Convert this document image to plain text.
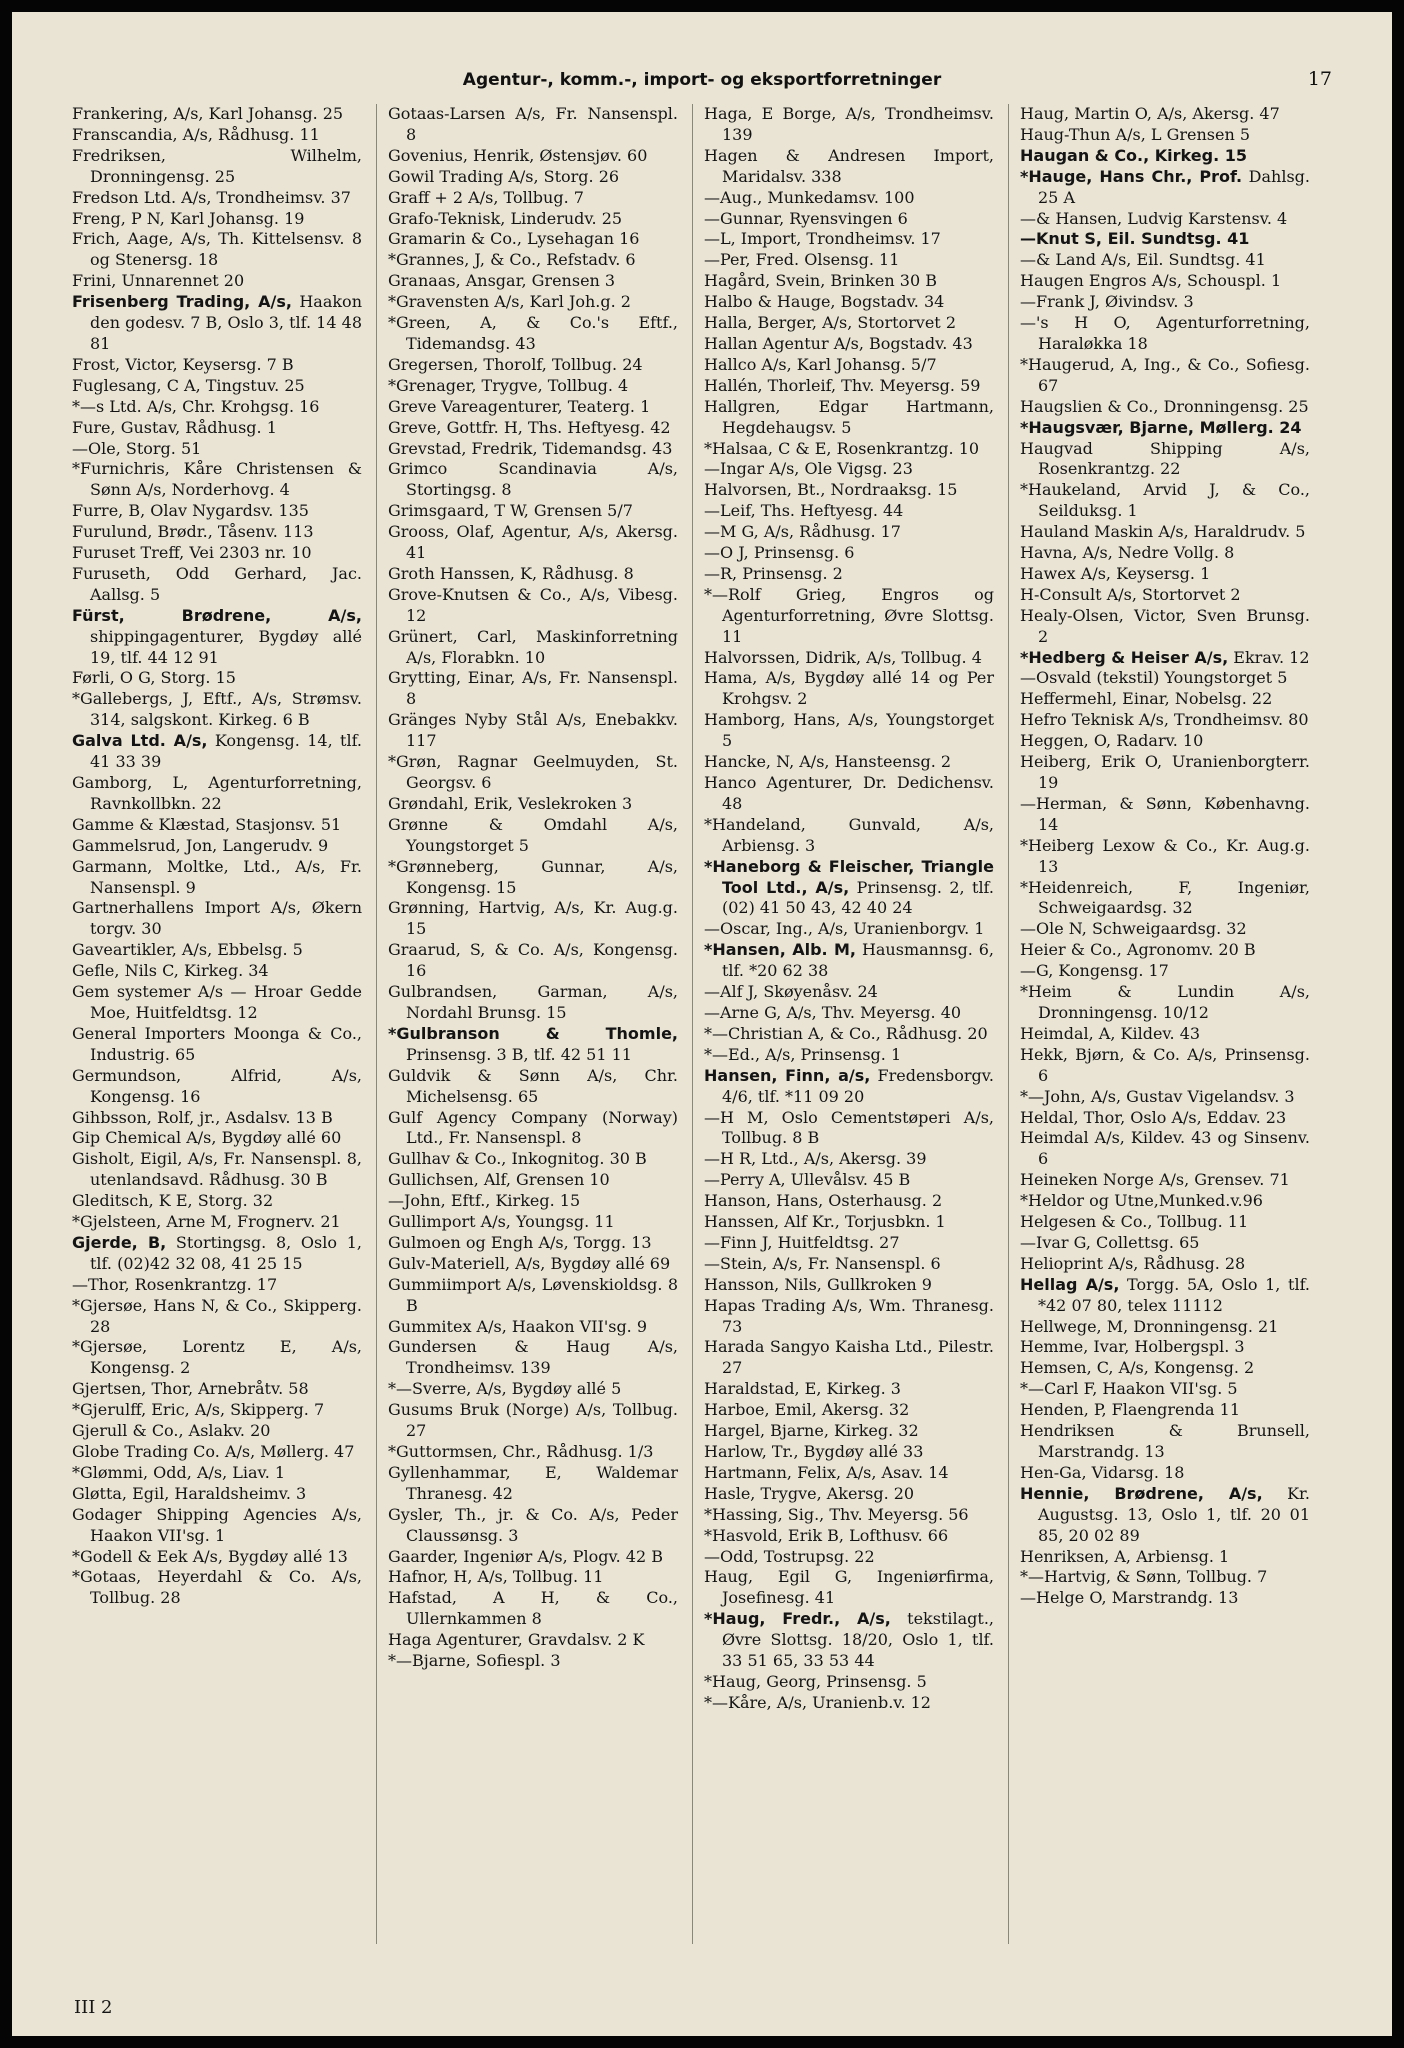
Agentur-, komm.-, import- og eksportforretninger	17
Frankering, A/s, Karl Johansg. 25
Franscandia, A/s, Rådhusg. 11
Fredriksen, Wilhelm, Dronningensg. 25
Fredson Ltd. A/s, Trondheimsv. 37
Freng, P N, Karl Johansg. 19
Frich, Aage, A/s, Th. Kittelsensv. 8 og Stenersg. 18
Frini, Unnarennet 20
Frisenberg Trading, A/s, Haakon den godesv. 7 B, Oslo 3, tlf. 14 48 81
Frost, Victor, Keysersg. 7 B
Fuglesang, C A, Tingstuv. 25
*—s Ltd. A/s, Chr. Krohgsg. 16
Fure, Gustav, Rådhusg. 1
—Ole, Storg. 51
*Furnichris, Kåre Christensen & Sønn A/s, Norderhovg. 4
Furre, B, Olav Nygardsv. 135
Furulund, Brødr., Tåsenv. 113
Furuset Treff, Vei 2303 nr. 10
Furuseth, Odd Gerhard, Jac. Aallsg. 5
Fürst, Brødrene, A/s, shippingagenturer, Bygdøy allé 19, tlf. 44 12 91
Førli, O G, Storg. 15
*Gallebergs, J, Eftf., A/s, Strømsv. 314, salgskont. Kirkeg. 6 B
Galva Ltd. A/s, Kongensg. 14, tlf. 41 33 39
Gamborg, L, Agenturforretning, Ravnkollbkn. 22
Gamme & Klæstad, Stasjonsv. 51
Gammelsrud, Jon, Langerudv. 9
Garmann, Moltke, Ltd., A/s, Fr. Nansenspl. 9
Gartnerhallens Import A/s, Økern torgv. 30
Gaveartikler, A/s, Ebbelsg. 5
Gefle, Nils C, Kirkeg. 34
Gem systemer A/s — Hroar Gedde Moe, Huitfeldtsg. 12
General Importers Moonga & Co., Industrig. 65
Germundson, Alfrid, A/s, Kongensg. 16
Gihbsson, Rolf, jr., Asdalsv. 13 B
Gip Chemical A/s, Bygdøy allé 60
Gisholt, Eigil, A/s, Fr. Nansenspl. 8, utenlandsavd. Rådhusg. 30 B
Gleditsch, K E, Storg. 32
*Gjelsteen, Arne M, Frognerv. 21
Gjerde, B, Stortingsg. 8, Oslo 1, tlf. (02)42 32 08, 41 25 15
—Thor, Rosenkrantzg. 17
*Gjersøe, Hans N, & Co., Skipperg. 28
*Gjersøe, Lorentz E, A/s, Kongensg. 2
Gjertsen, Thor, Arnebråtv. 58
*Gjerulff, Eric, A/s, Skipperg. 7
Gjerull & Co., Aslakv. 20
Globe Trading Co. A/s, Møllerg. 47
*Glømmi, Odd, A/s, Liav. 1
Gløtta, Egil, Haraldsheimv. 3
Godager Shipping Agencies A/s, Haakon VII'sg. 1
*Godell & Eek A/s, Bygdøy allé 13
*Gotaas, Heyerdahl & Co. A/s, Tollbug. 28
Gotaas-Larsen A/s, Fr. Nansenspl. 8
Govenius, Henrik, Østensjøv. 60
Gowil Trading A/s, Storg. 26
Graff + 2 A/s, Tollbug. 7
Grafo-Teknisk, Linderudv. 25
Gramarin & Co., Lysehagan 16
*Grannes, J, & Co., Refstadv. 6
Granaas, Ansgar, Grensen 3
*Gravensten A/s, Karl Joh.g. 2
*Green, A, & Co.'s Eftf., Tidemandsg. 43
Gregersen, Thorolf, Tollbug. 24
*Grenager, Trygve, Tollbug. 4
Greve Vareagenturer, Teaterg. 1
Greve, Gottfr. H, Ths. Heftyesg. 42
Grevstad, Fredrik, Tidemandsg. 43
Grimco Scandinavia A/s, Stortingsg. 8
Grimsgaard, T W, Grensen 5/7
Grooss, Olaf, Agentur, A/s, Akersg. 41
Groth Hanssen, K, Rådhusg. 8
Grove-Knutsen & Co., A/s, Vibesg. 12
Grünert, Carl, Maskinforretning A/s, Florabkn. 10
Grytting, Einar, A/s, Fr. Nansenspl. 8
Gränges Nyby Stål A/s, Enebakkv. 117
*Grøn, Ragnar Geelmuyden, St. Georgsv. 6
Grøndahl, Erik, Veslekroken 3
Grønne & Omdahl A/s, Youngstorget 5
*Grønneberg, Gunnar, A/s, Kongensg. 15
Grønning, Hartvig, A/s, Kr. Aug.g. 15
Graarud, S, & Co. A/s, Kongensg. 16
Gulbrandsen, Garman, A/s, Nordahl Brunsg. 15
*Gulbranson & Thomle, Prinsensg. 3 B, tlf. 42 51 11
Guldvik & Sønn A/s, Chr. Michelsensg. 65
Gulf Agency Company (Norway) Ltd., Fr. Nansenspl. 8
Gullhav & Co., Inkognitog. 30 B
Gullichsen, Alf, Grensen 10
—John, Eftf., Kirkeg. 15
Gullimport A/s, Youngsg. 11
Gulmoen og Engh A/s, Torgg. 13
Gulv-Materiell, A/s, Bygdøy allé 69
Gummiimport A/s, Løvenskioldsg. 8 B
Gummitex A/s, Haakon VII'sg. 9
Gundersen & Haug A/s, Trondheimsv. 139
*—Sverre, A/s, Bygdøy allé 5
Gusums Bruk (Norge) A/s, Tollbug. 27
*Guttormsen, Chr., Rådhusg. 1/3
Gyllenhammar, E, Waldemar Thranesg. 42
Gysler, Th., jr. & Co. A/s, Peder Claussønsg. 3
Gaarder, Ingeniør A/s, Plogv. 42 B
Hafnor, H, A/s, Tollbug. 11
Hafstad, A H, & Co., Ullernkammen 8
Haga Agenturer, Gravdalsv. 2 K
*—Bjarne, Sofiespl. 3
Haga, E Borge, A/s, Trondheimsv. 139
Hagen & Andresen Import, Maridalsv. 338
—Aug., Munkedamsv. 100
—Gunnar, Ryensvingen 6
—L, Import, Trondheimsv. 17
—Per, Fred. Olsensg. 11
Hagård, Svein, Brinken 30 B
Halbo & Hauge, Bogstadv. 34
Halla, Berger, A/s, Stortorvet 2
Hallan Agentur A/s, Bogstadv. 43
Hallco A/s, Karl Johansg. 5/7
Hallén, Thorleif, Thv. Meyersg. 59
Hallgren, Edgar Hartmann, Hegdehaugsv. 5
*Halsaa, C & E, Rosenkrantzg. 10
—Ingar A/s, Ole Vigsg. 23
Halvorsen, Bt., Nordraaksg. 15
—Leif, Ths. Heftyesg. 44
—M G, A/s, Rådhusg. 17
—O J, Prinsensg. 6
—R, Prinsensg. 2
*—Rolf Grieg, Engros og Agenturforretning, Øvre Slottsg. 11
Halvorssen, Didrik, A/s, Tollbug. 4
Hama, A/s, Bygdøy allé 14 og Per Krohgsv. 2
Hamborg, Hans, A/s, Youngstorget 5
Hancke, N, A/s, Hansteensg. 2
Hanco Agenturer, Dr. Dedichensv. 48
*Handeland, Gunvald, A/s, Arbiensg. 3
*Haneborg & Fleischer, Triangle Tool Ltd., A/s, Prinsensg. 2, tlf. (02) 41 50 43, 42 40 24
—Oscar, Ing., A/s, Uranienborgv. 1
*Hansen, Alb. M, Hausmannsg. 6, tlf. *20 62 38
—Alf J, Skøyenåsv. 24
—Arne G, A/s, Thv. Meyersg. 40
*—Christian A, & Co., Rådhusg. 20
*—Ed., A/s, Prinsensg. 1
Hansen, Finn, a/s, Fredensborgv. 4/6, tlf. *11 09 20
—H M, Oslo Cementstøperi A/s, Tollbug. 8 B
—H R, Ltd., A/s, Akersg. 39
—Perry A, Ullevålsv. 45 B
Hanson, Hans, Osterhausg. 2
Hanssen, Alf Kr., Torjusbkn. 1
—Finn J, Huitfeldtsg. 27
—Stein, A/s, Fr. Nansenspl. 6
Hansson, Nils, Gullkroken 9
Hapas Trading A/s, Wm. Thranesg. 73
Harada Sangyo Kaisha Ltd., Pilestr. 27
Haraldstad, E, Kirkeg. 3
Harboe, Emil, Akersg. 32
Hargel, Bjarne, Kirkeg. 32
Harlow, Tr., Bygdøy allé 33
Hartmann, Felix, A/s, Asav. 14
Hasle, Trygve, Akersg. 20
*Hassing, Sig., Thv. Meyersg. 56
*Hasvold, Erik B, Lofthusv. 66
—Odd, Tostrupsg. 22
Haug, Egil G, Ingeniørfirma, Josefinesg. 41
*Haug, Fredr., A/s, tekstilagt., Øvre Slottsg. 18/20, Oslo 1, tlf. 33 51 65, 33 53 44
*Haug, Georg, Prinsensg. 5
*—Kåre, A/s, Uranienb.v. 12
Haug, Martin O, A/s, Akersg. 47
Haug-Thun A/s, L Grensen 5
Haugan & Co., Kirkeg. 15
*Hauge, Hans Chr., Prof. Dahlsg. 25 A
—& Hansen, Ludvig Karstensv. 4
—Knut S, Eil. Sundtsg. 41
—& Land A/s, Eil. Sundtsg. 41
Haugen Engros A/s, Schouspl. 1
—Frank J, Øivindsv. 3
—'s H O, Agenturforretning, Haraløkka 18
*Haugerud, A, Ing., & Co., Sofiesg. 67
Haugslien & Co., Dronningensg. 25
*Haugsvær, Bjarne, Møllerg. 24
Haugvad Shipping A/s, Rosenkrantzg. 22
*Haukeland, Arvid J, & Co., Seilduksg. 1
Hauland Maskin A/s, Haraldrudv. 5
Havna, A/s, Nedre Vollg. 8
Hawex A/s, Keysersg. 1
H-Consult A/s, Stortorvet 2
Healy-Olsen, Victor, Sven Brunsg. 2
*Hedberg & Heiser A/s, Ekrav. 12
—Osvald (tekstil) Youngstorget 5
Heffermehl, Einar, Nobelsg. 22
Hefro Teknisk A/s, Trondheimsv. 80
Heggen, O, Radarv. 10
Heiberg, Erik O, Uranienborgterr. 19
—Herman, & Sønn, Københavng. 14
*Heiberg Lexow & Co., Kr. Aug.g. 13
*Heidenreich, F, Ingeniør, Schweigaardsg. 32
—Ole N, Schweigaardsg. 32
Heier & Co., Agronomv. 20 B
—G, Kongensg. 17
*Heim & Lundin A/s, Dronningensg. 10/12
Heimdal, A, Kildev. 43
Hekk, Bjørn, & Co. A/s, Prinsensg. 6
*—John, A/s, Gustav Vigelandsv. 3
Heldal, Thor, Oslo A/s, Eddav. 23
Heimdal A/s, Kildev. 43 og Sinsenv. 6
Heineken Norge A/s, Grensev. 71
*Heldor og Utne,Munked.v.96
Helgesen & Co., Tollbug. 11
—Ivar G, Collettsg. 65
Helioprint A/s, Rådhusg. 28
Hellag A/s, Torgg. 5A, Oslo 1, tlf. *42 07 80, telex 11112
Hellwege, M, Dronningensg. 21
Hemme, Ivar, Holbergspl. 3
Hemsen, C, A/s, Kongensg. 2
*—Carl F, Haakon VII'sg. 5
Henden, P, Flaengrenda 11
Hendriksen & Brunsell, Marstrandg. 13
Hen-Ga, Vidarsg. 18
Hennie, Brødrene, A/s, Kr. Augustsg. 13, Oslo 1, tlf. 20 01 85, 20 02 89
Henriksen, A, Arbiensg. 1
*—Hartvig, & Sønn, Tollbug. 7
—Helge O, Marstrandg. 13
III 2
